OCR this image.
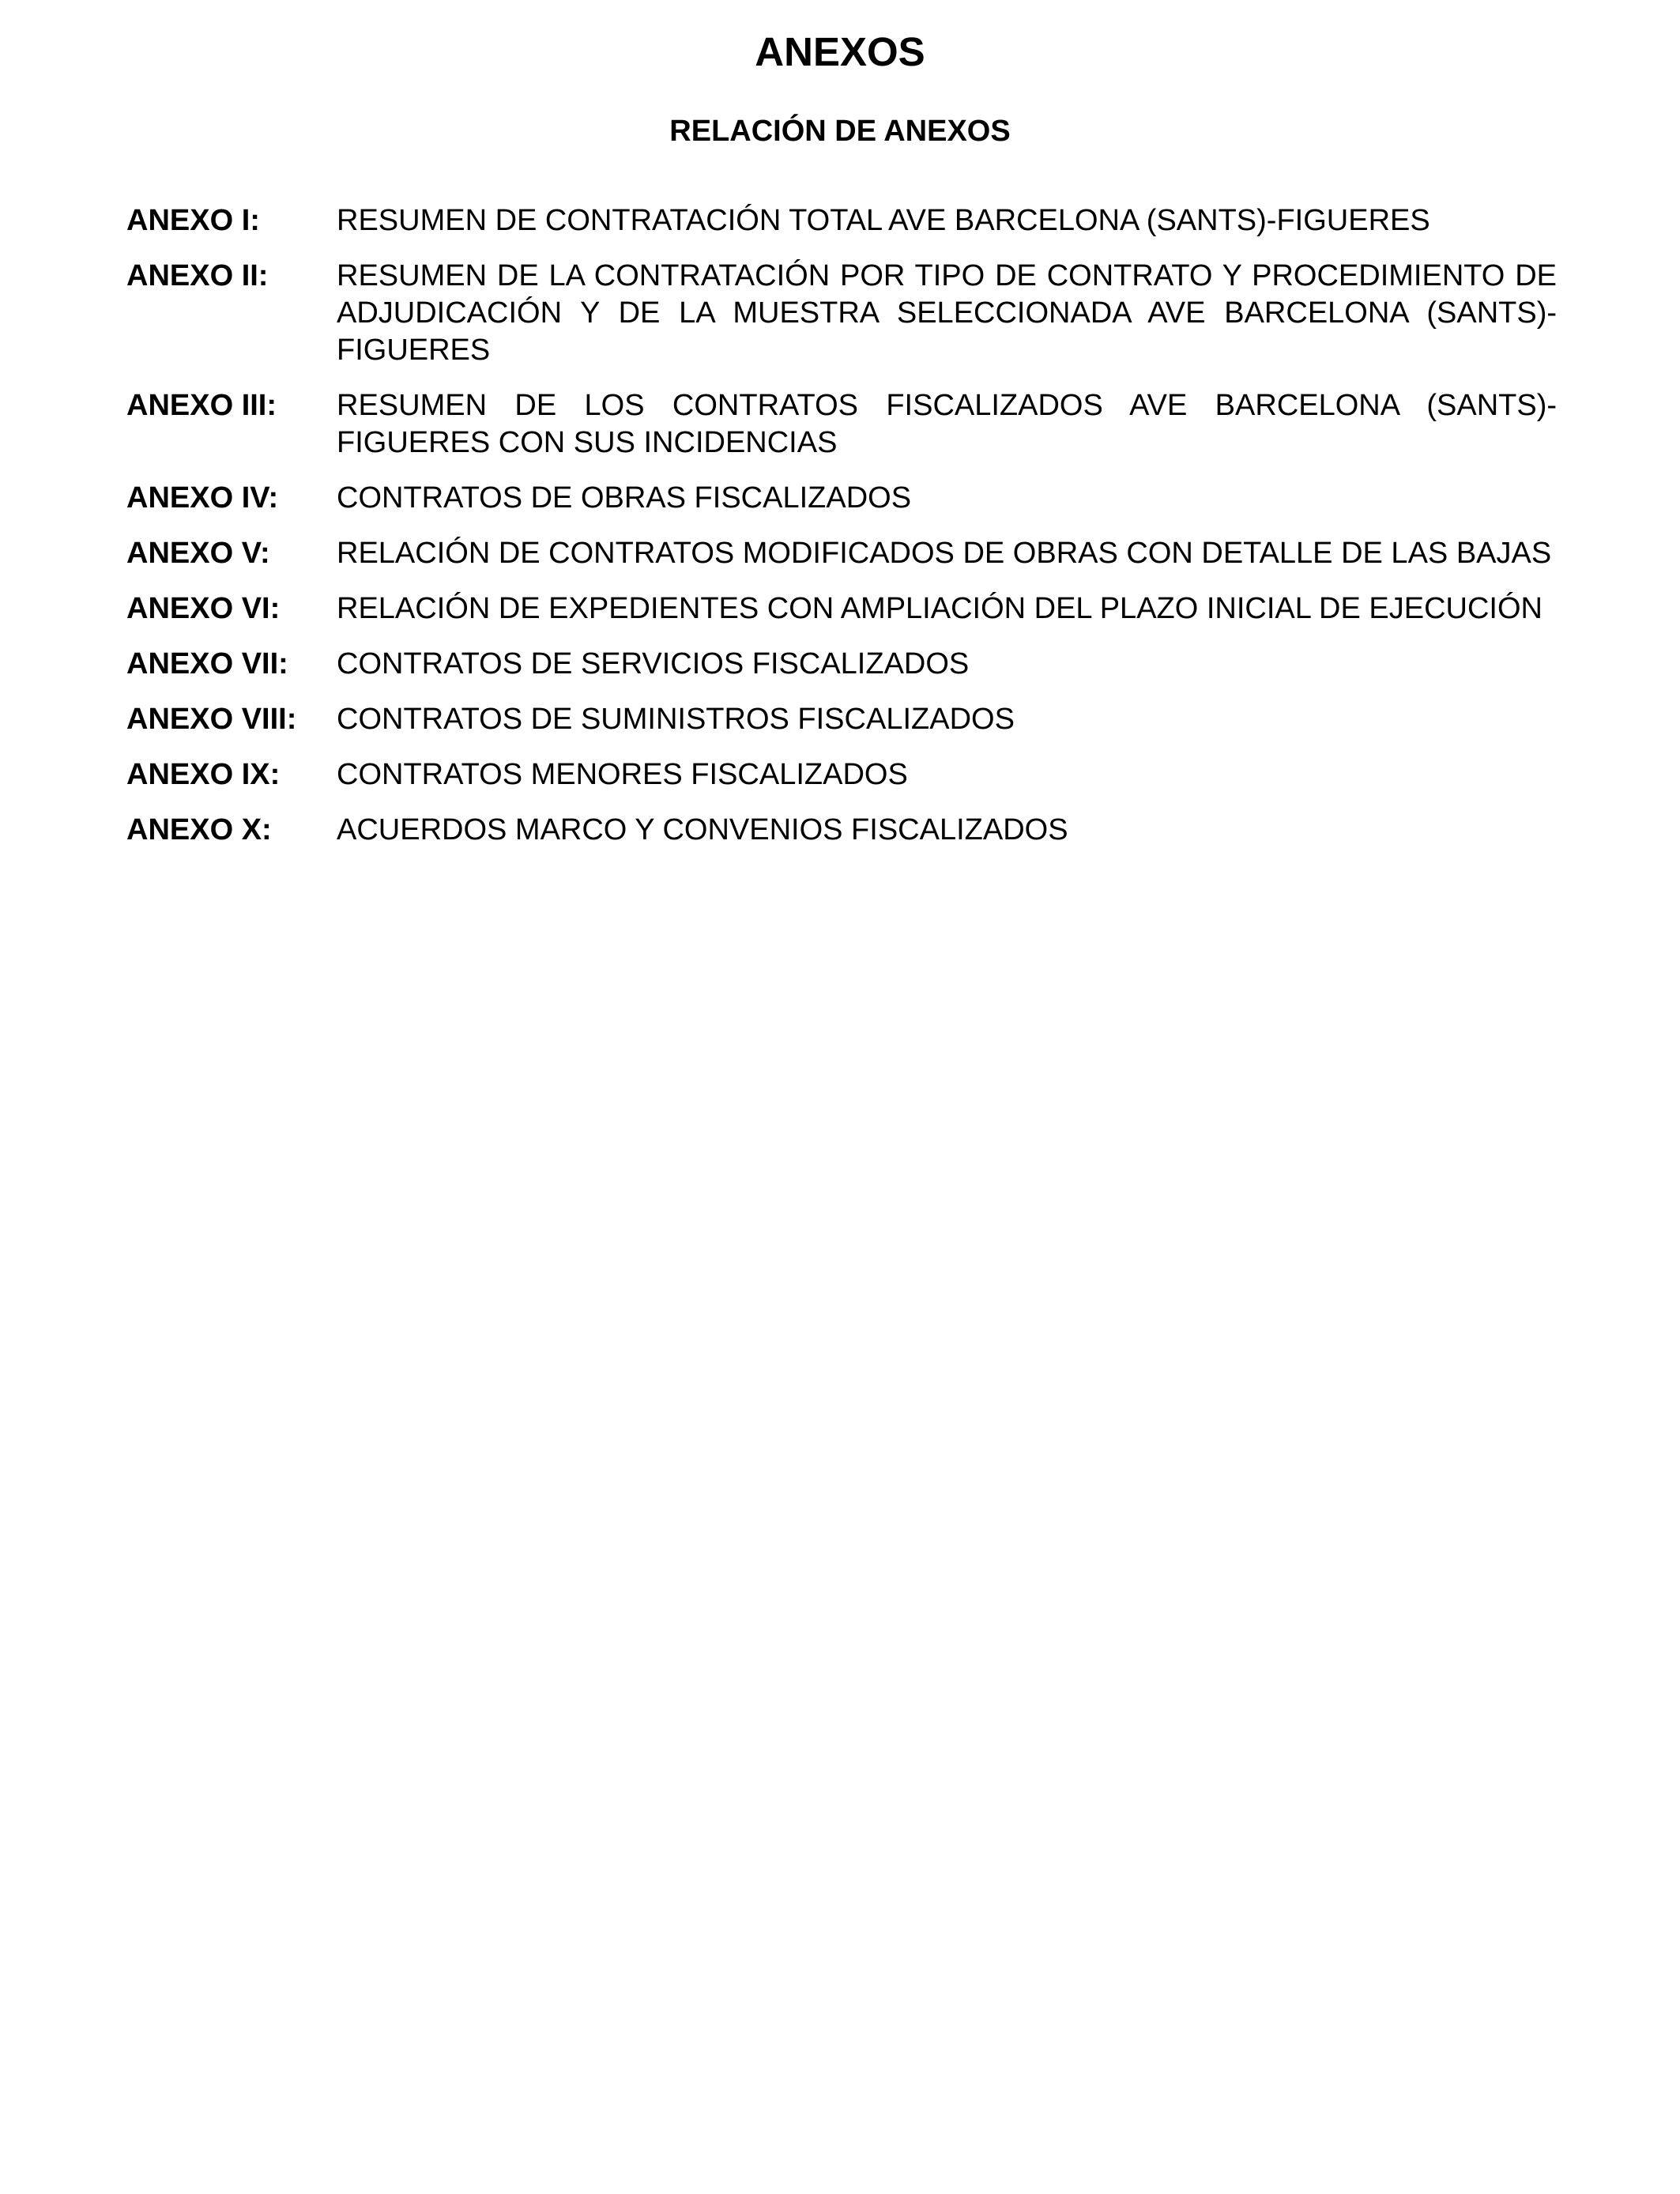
ANEXOS
RELACIÓN DE ANEXOS
ANEXO I:	RESUMEN DE CONTRATACIÓN TOTAL AVE BARCELONA (SANTS)-FIGUERES
ANEXO II:	RESUMEN DE LA CONTRATACIÓN POR TIPO DE CONTRATO Y PROCEDIMIENTO DE ADJUDICACIÓN Y DE LA MUESTRA SELECCIONADA AVE BARCELONA (SANTS)-FIGUERES
ANEXO III:	RESUMEN DE LOS CONTRATOS FISCALIZADOS AVE BARCELONA (SANTS)-FIGUERES CON SUS INCIDENCIAS
ANEXO IV:	CONTRATOS DE OBRAS FISCALIZADOS
ANEXO V:	RELACIÓN DE CONTRATOS MODIFICADOS DE OBRAS CON DETALLE DE LAS BAJAS
ANEXO VI:	RELACIÓN DE EXPEDIENTES CON AMPLIACIÓN DEL PLAZO INICIAL DE EJECUCIÓN
ANEXO VII:	CONTRATOS DE SERVICIOS FISCALIZADOS
ANEXO VIII:	CONTRATOS DE SUMINISTROS FISCALIZADOS
ANEXO IX:	CONTRATOS MENORES FISCALIZADOS
ANEXO X:	ACUERDOS MARCO Y CONVENIOS FISCALIZADOS
